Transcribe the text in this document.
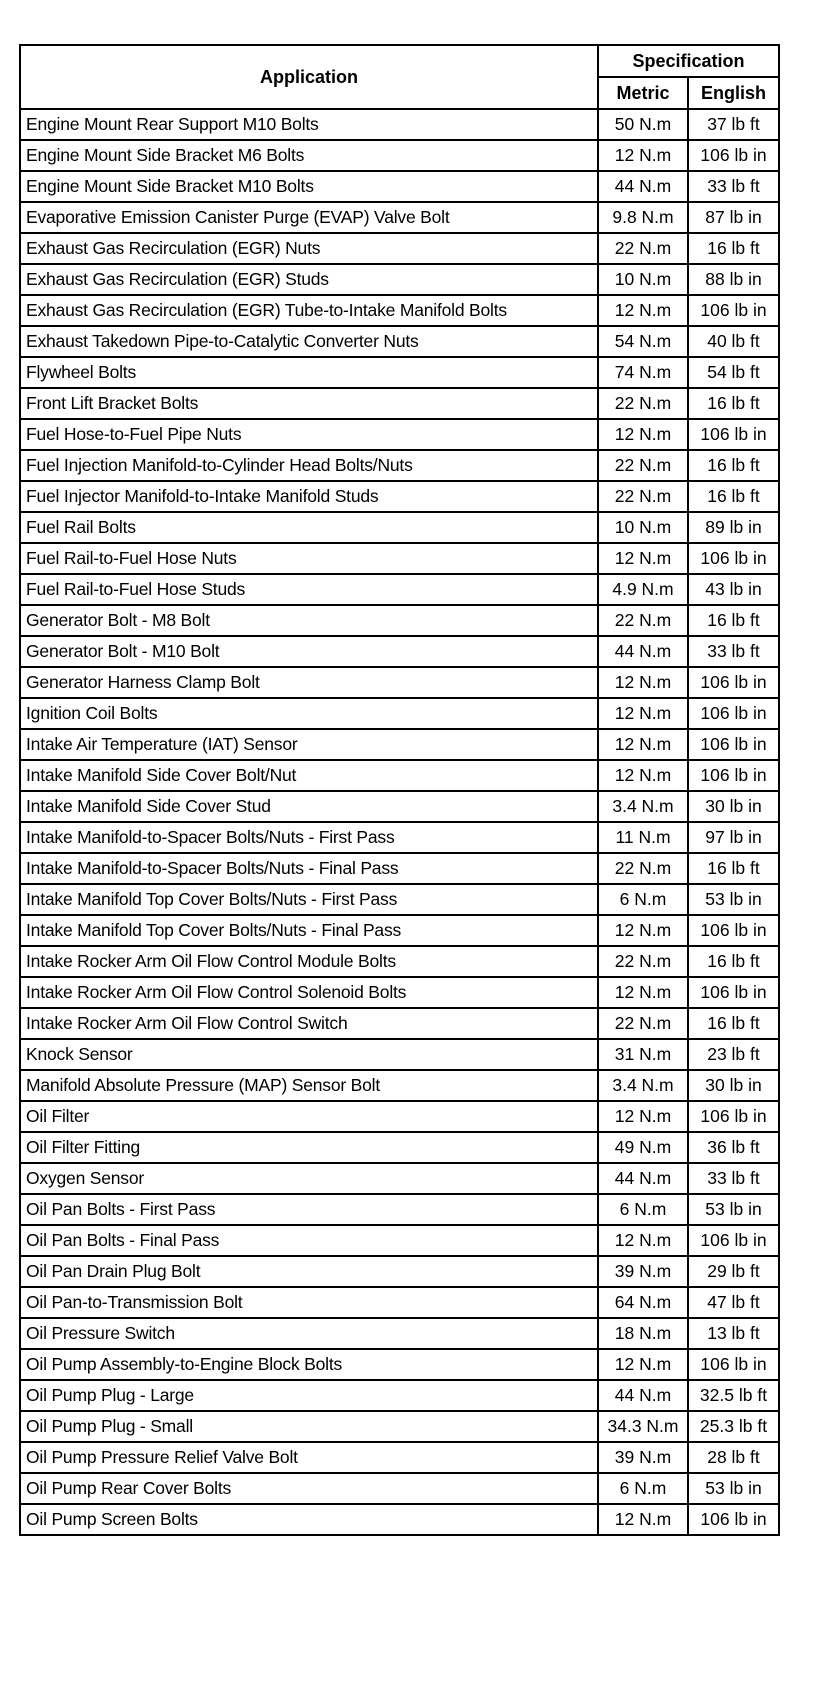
Application	Specification	
	Metric	English
Engine Mount Rear Support M10 Bolts	50 N.m	37 lb ft
Engine Mount Side Bracket M6 Bolts	12 N.m	106 lb in
Engine Mount Side Bracket M10 Bolts	44 N.m	33 lb ft
Evaporative Emission Canister Purge (EVAP) Valve Bolt	9.8 N.m	87 lb in
Exhaust Gas Recirculation (EGR) Nuts	22 N.m	16 lb ft
Exhaust Gas Recirculation (EGR) Studs	10 N.m	88 lb in
Exhaust Gas Recirculation (EGR) Tube-to-Intake Manifold Bolts	12 N.m	106 lb in
Exhaust Takedown Pipe-to-Catalytic Converter Nuts	54 N.m	40 lb ft
Flywheel Bolts	74 N.m	54 lb ft
Front Lift Bracket Bolts	22 N.m	16 lb ft
Fuel Hose-to-Fuel Pipe Nuts	12 N.m	106 lb in
Fuel Injection Manifold-to-Cylinder Head Bolts/Nuts	22 N.m	16 lb ft
Fuel Injector Manifold-to-Intake Manifold Studs	22 N.m	16 lb ft
Fuel Rail Bolts	10 N.m	89 lb in
Fuel Rail-to-Fuel Hose Nuts	12 N.m	106 lb in
Fuel Rail-to-Fuel Hose Studs	4.9 N.m	43 lb in
Generator Bolt - M8 Bolt	22 N.m	16 lb ft
Generator Bolt - M10 Bolt	44 N.m	33 lb ft
Generator Harness Clamp Bolt	12 N.m	106 lb in
Ignition Coil Bolts	12 N.m	106 lb in
Intake Air Temperature (IAT) Sensor	12 N.m	106 lb in
Intake Manifold Side Cover Bolt/Nut	12 N.m	106 lb in
Intake Manifold Side Cover Stud	3.4 N.m	30 lb in
Intake Manifold-to-Spacer Bolts/Nuts - First Pass	11 N.m	97 lb in
Intake Manifold-to-Spacer Bolts/Nuts - Final Pass	22 N.m	16 lb ft
Intake Manifold Top Cover Bolts/Nuts - First Pass	6 N.m	53 lb in
Intake Manifold Top Cover Bolts/Nuts - Final Pass	12 N.m	106 lb in
Intake Rocker Arm Oil Flow Control Module Bolts	22 N.m	16 lb ft
Intake Rocker Arm Oil Flow Control Solenoid Bolts	12 N.m	106 lb in
Intake Rocker Arm Oil Flow Control Switch	22 N.m	16 lb ft
Knock Sensor	31 N.m	23 lb ft
Manifold Absolute Pressure (MAP) Sensor Bolt	3.4 N.m	30 lb in
Oil Filter	12 N.m	106 lb in
Oil Filter Fitting	49 N.m	36 lb ft
Oxygen Sensor	44 N.m	33 lb ft
Oil Pan Bolts - First Pass	6 N.m	53 lb in
Oil Pan Bolts - Final Pass	12 N.m	106 lb in
Oil Pan Drain Plug Bolt	39 N.m	29 lb ft
Oil Pan-to-Transmission Bolt	64 N.m	47 lb ft
Oil Pressure Switch	18 N.m	13 lb ft
Oil Pump Assembly-to-Engine Block Bolts	12 N.m	106 lb in
Oil Pump Plug - Large	44 N.m	32.5 lb ft
Oil Pump Plug - Small	34.3 N.m	25.3 lb ft
Oil Pump Pressure Relief Valve Bolt	39 N.m	28 lb ft
Oil Pump Rear Cover Bolts	6 N.m	53 lb in
Oil Pump Screen Bolts	12 N.m	106 lb in
